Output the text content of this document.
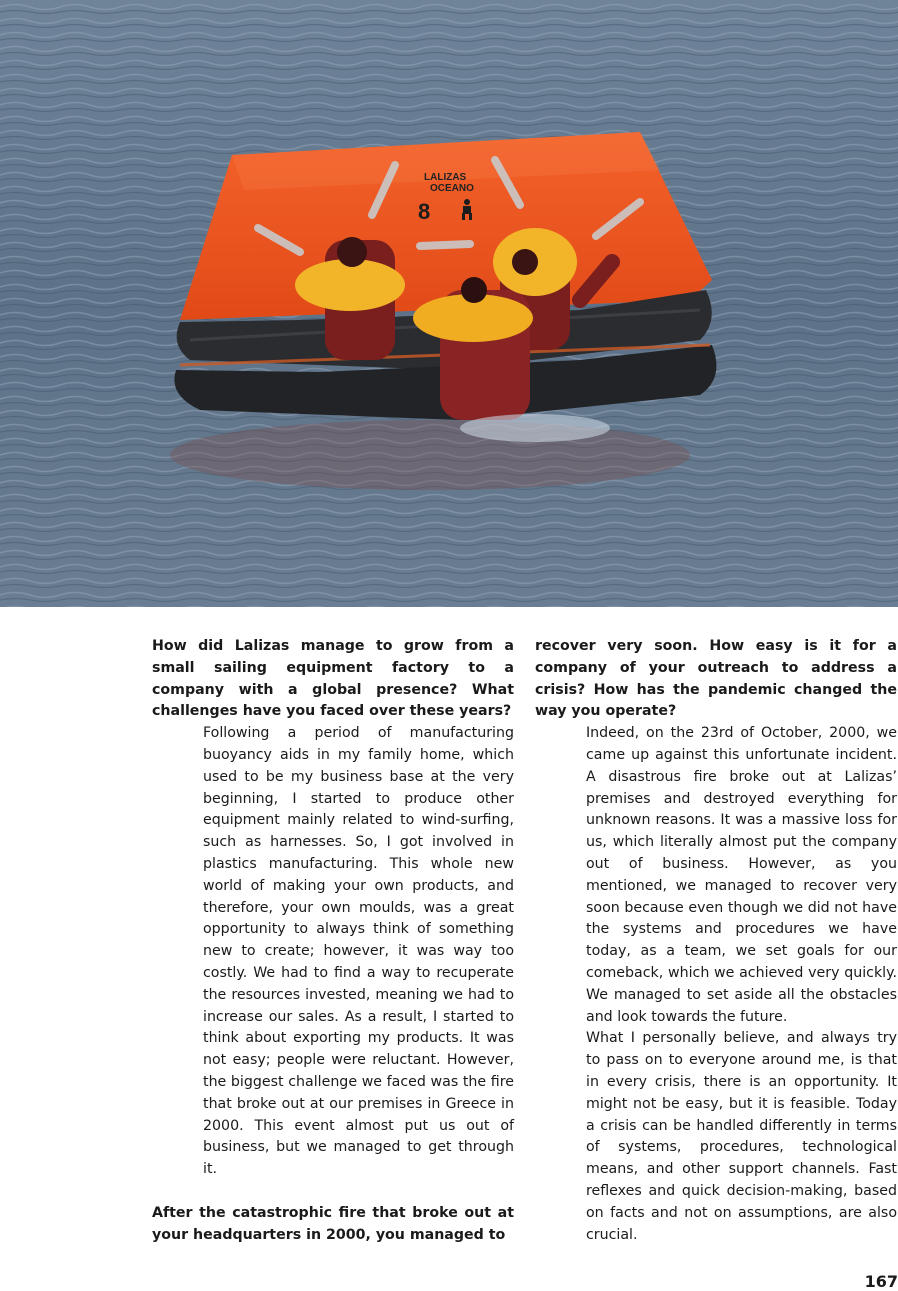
LALIZAS
OCEANO
8

How did Lalizas manage to grow from a small sailing equipment factory to a company with a global presence? What challenges have you faced over these years?

Following a period of manufacturing buoyancy aids in my family home, which used to be my business base at the very beginning, I started to produce other equipment mainly related to wind-surfing, such as harnesses. So, I got involved in plastics manufacturing. This whole new world of making your own products, and therefore, your own moulds, was a great opportunity to always think of something new to create; however, it was way too costly. We had to find a way to recuperate the resources invested, meaning we had to increase our sales. As a result, I started to think about exporting my products. It was not easy; people were reluctant. However, the biggest challenge we faced was the fire that broke out at our premises in Greece in 2000. This event almost put us out of business, but we managed to get through it.

After the catastrophic fire that broke out at your headquarters in 2000, you managed to

recover very soon. How easy is it for a company of your outreach to address a crisis? How has the pandemic changed the way you operate?

Indeed, on the 23rd of October, 2000, we came up against this unfortunate incident. A disastrous fire broke out at Lalizas’ premises and destroyed everything for unknown reasons. It was a massive loss for us, which literally almost put the company out of business. However, as you mentioned, we managed to recover very soon because even though we did not have the systems and procedures we have today, as a team, we set goals for our comeback, which we achieved very quickly. We managed to set aside all the obstacles and look towards the future.

What I personally believe, and always try to pass on to everyone around me, is that in every crisis, there is an opportunity. It might not be easy, but it is feasible. Today a crisis can be handled differently in terms of systems, procedures, technological means, and other support channels. Fast reflexes and quick decision-making, based on facts and not on assumptions, are also crucial.

167
